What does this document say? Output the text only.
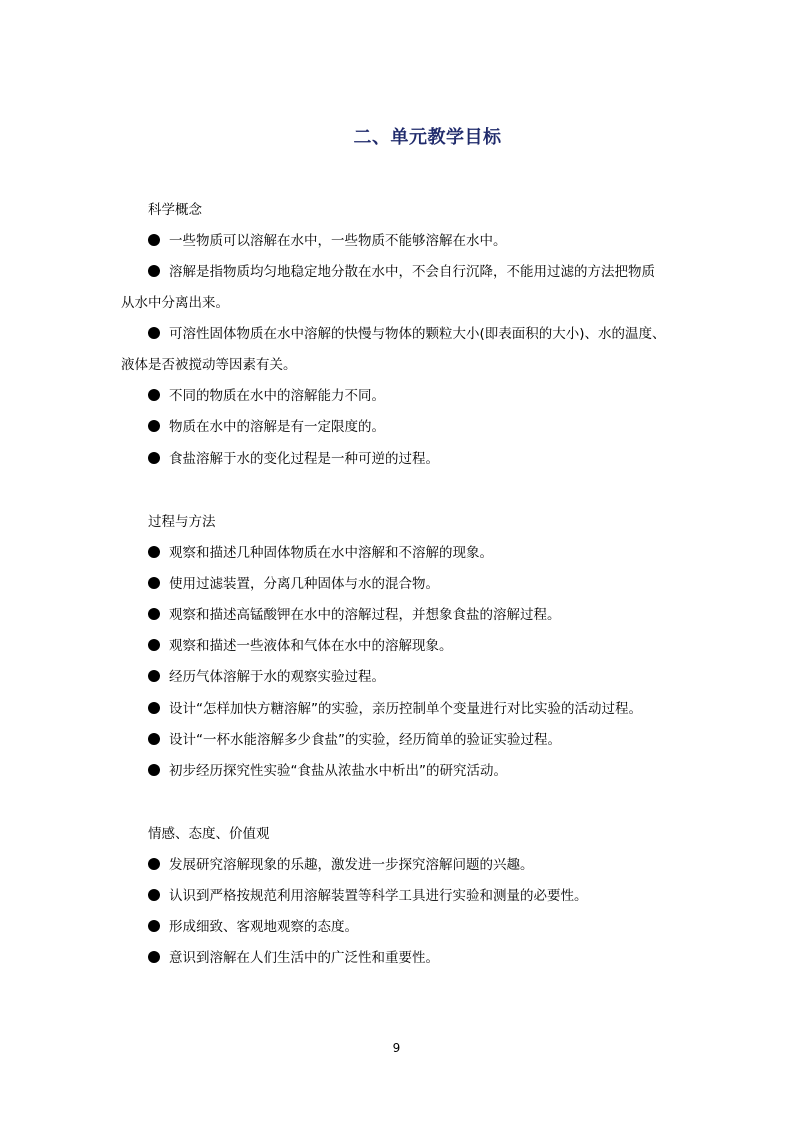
二、单元教学目标
科学概念
一些物质可以溶解在水中，一些物质不能够溶解在水中。
溶解是指物质均匀地稳定地分散在水中，不会自行沉降，不能用过滤的方法把物质
从水中分离出来。
可溶性固体物质在水中溶解的快慢与物体的颗粒大小(即表面积的大小)、水的温度、
液体是否被搅动等因素有关。
不同的物质在水中的溶解能力不同。
物质在水中的溶解是有一定限度的。
食盐溶解于水的变化过程是一种可逆的过程。
过程与方法
观察和描述几种固体物质在水中溶解和不溶解的现象。
使用过滤装置，分离几种固体与水的混合物。
观察和描述高锰酸钾在水中的溶解过程，并想象食盐的溶解过程。
观察和描述一些液体和气体在水中的溶解现象。
经历气体溶解于水的观察实验过程。
设计“怎样加快方糖溶解”的实验，亲历控制单个变量进行对比实验的活动过程。
设计“一杯水能溶解多少食盐”的实验，经历简单的验证实验过程。
初步经历探究性实验“食盐从浓盐水中析出”的研究活动。
情感、态度、价值观
发展研究溶解现象的乐趣，激发进一步探究溶解问题的兴趣。
认识到严格按规范利用溶解装置等科学工具进行实验和测量的必要性。
形成细致、客观地观察的态度。
意识到溶解在人们生活中的广泛性和重要性。
9
